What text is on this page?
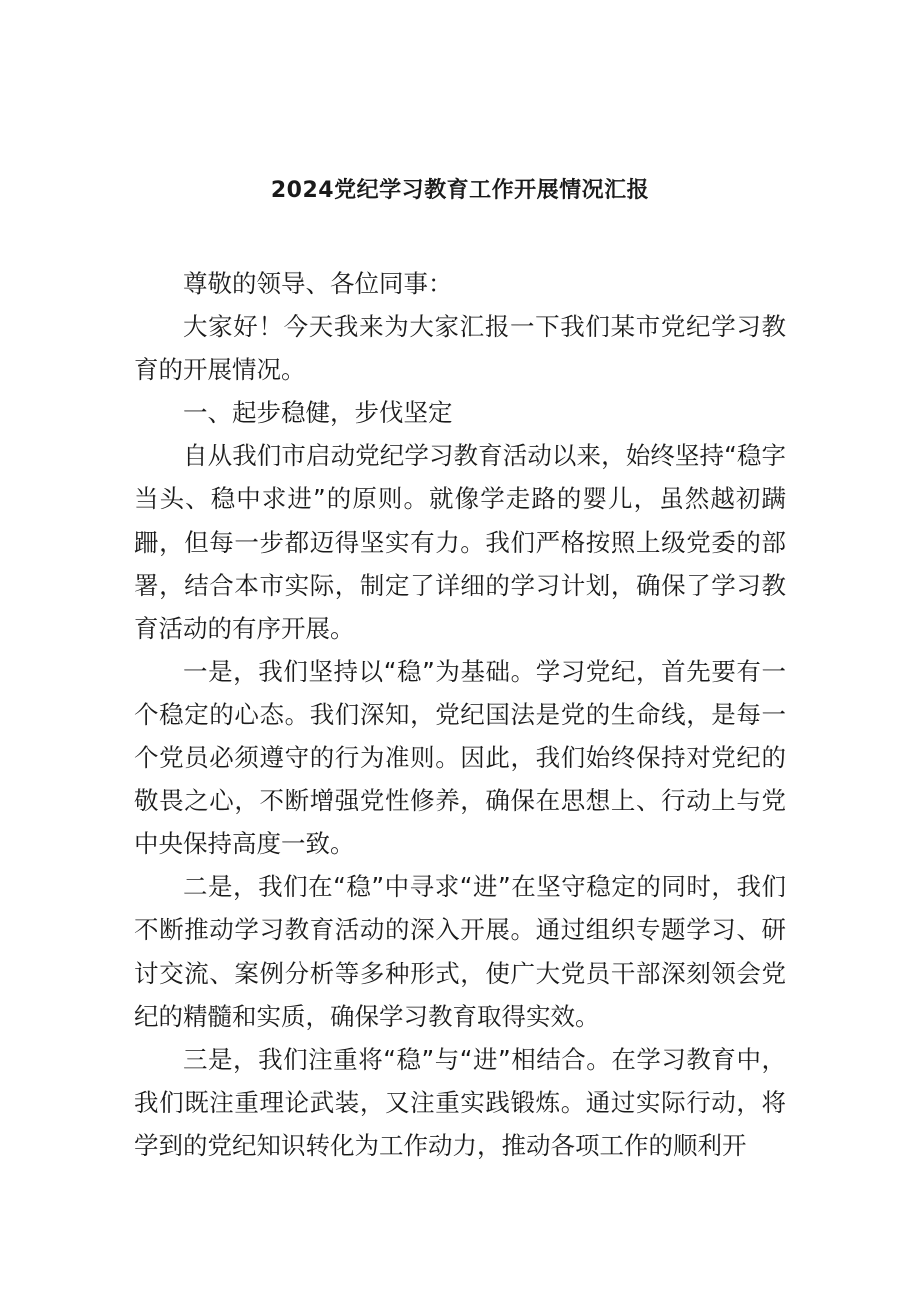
2024党纪学习教育工作开展情况汇报

尊敬的领导、各位同事：

大家好！今天我来为大家汇报一下我们某市党纪学习教育的开展情况。

一、起步稳健，步伐坚定

自从我们市启动党纪学习教育活动以来，始终坚持“稳字当头、稳中求进”的原则。就像学走路的婴儿，虽然越初蹒跚，但每一步都迈得坚实有力。我们严格按照上级党委的部署，结合本市实际，制定了详细的学习计划，确保了学习教育活动的有序开展。

一是，我们坚持以“稳”为基础。学习党纪，首先要有一个稳定的心态。我们深知，党纪国法是党的生命线，是每一个党员必须遵守的行为准则。因此，我们始终保持对党纪的敬畏之心，不断增强党性修养，确保在思想上、行动上与党中央保持高度一致。

二是，我们在“稳”中寻求“进”在坚守稳定的同时，我们不断推动学习教育活动的深入开展。通过组织专题学习、研讨交流、案例分析等多种形式，使广大党员干部深刻领会党纪的精髓和实质，确保学习教育取得实效。

三是，我们注重将“稳”与“进”相结合。在学习教育中，我们既注重理论武装，又注重实践锻炼。通过实际行动，将学到的党纪知识转化为工作动力，推动各项工作的顺利开
